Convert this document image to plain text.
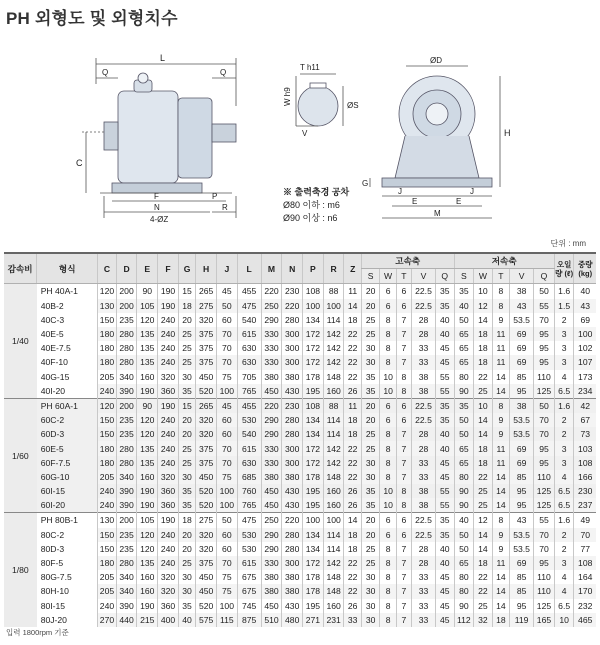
PH 외형도 및 외형치수
L
Q	Q
C
F	P
N	R
4-ØZ
T h11
W h9	ØS
V
ØD
H
G
J	J
E	E
M
※ 출력축경 공차
Ø80 이하 : m6
Ø90 이상 : n6
단위 : mm
감속비	형식	C	D	E	F	G	H	J	L	M	N	P	R	Z	고속축					저속축					오일량 (ℓ)	중량 (kg)
															S	W	T	V	Q	S	W	T	V	Q		
1/40	PH 40A-1	120	200	90	190	15	265	45	455	220	230	108	88	11	20	6	6	22.5	35	35	10	8	38	50	1.6	40
	40B-2	130	200	105	190	18	275	50	475	250	220	100	100	14	20	6	6	22.5	35	40	12	8	43	55	1.5	43
	40C-3	150	235	120	240	20	320	60	540	290	280	134	114	18	25	8	7	28	40	50	14	9	53.5	70	2	69
	40E-5	180	280	135	240	25	375	70	615	330	300	172	142	22	25	8	7	28	40	65	18	11	69	95	3	100
	40E-7.5	180	280	135	240	25	375	70	630	330	300	172	142	22	30	8	7	33	45	65	18	11	69	95	3	102
	40F-10	180	280	135	240	25	375	70	630	330	300	172	142	22	30	8	7	33	45	65	18	11	69	95	3	107
	40G-15	205	340	160	320	30	450	75	705	380	380	178	148	22	35	10	8	38	55	80	22	14	85	110	4	173
	40I-20	240	390	190	360	35	520	100	765	450	430	195	160	26	35	10	8	38	55	90	25	14	95	125	6.5	234
1/60	PH 60A-1	120	200	90	190	15	265	45	455	220	230	108	88	11	20	6	6	22.5	35	35	10	8	38	50	1.6	42
	60C-2	150	235	120	240	20	320	60	530	290	280	134	114	18	20	6	6	22.5	35	50	14	9	53.5	70	2	67
	60D-3	150	235	120	240	20	320	60	540	290	280	134	114	18	25	8	7	28	40	50	14	9	53.5	70	2	73
	60E-5	180	280	135	240	25	375	70	615	330	300	172	142	22	25	8	7	28	40	65	18	11	69	95	3	103
	60F-7.5	180	280	135	240	25	375	70	630	330	300	172	142	22	30	8	7	33	45	65	18	11	69	95	3	108
	60G-10	205	340	160	320	30	450	75	685	380	380	178	148	22	30	8	7	33	45	80	22	14	85	110	4	166
	60I-15	240	390	190	360	35	520	100	760	450	430	195	160	26	35	10	8	38	55	90	25	14	95	125	6.5	230
	60I-20	240	390	190	360	35	520	100	765	450	430	195	160	26	35	10	8	38	55	90	25	14	95	125	6.5	237
1/80	PH 80B-1	130	200	105	190	18	275	50	475	250	220	100	100	14	20	6	6	22.5	35	40	12	8	43	55	1.6	49
	80C-2	150	235	120	240	20	320	60	530	290	280	134	114	18	20	6	6	22.5	35	50	14	9	53.5	70	2	70
	80D-3	150	235	120	240	20	320	60	530	290	280	134	114	18	25	8	7	28	40	50	14	9	53.5	70	2	77
	80F-5	180	280	135	240	25	375	70	615	330	300	172	142	22	25	8	7	28	40	65	18	11	69	95	3	108
	80G-7.5	205	340	160	320	30	450	75	675	380	380	178	148	22	30	8	7	33	45	80	22	14	85	110	4	164
	80H-10	205	340	160	320	30	450	75	675	380	380	178	148	22	30	8	7	33	45	80	22	14	85	110	4	170
	80I-15	240	390	190	360	35	520	100	745	450	430	195	160	26	30	8	7	33	45	90	25	14	95	125	6.5	232
	80J-20	270	440	215	400	40	575	115	875	510	480	271	231	33	30	8	7	33	45	112	32	18	119	165	10	465
입력 1800rpm 기준
